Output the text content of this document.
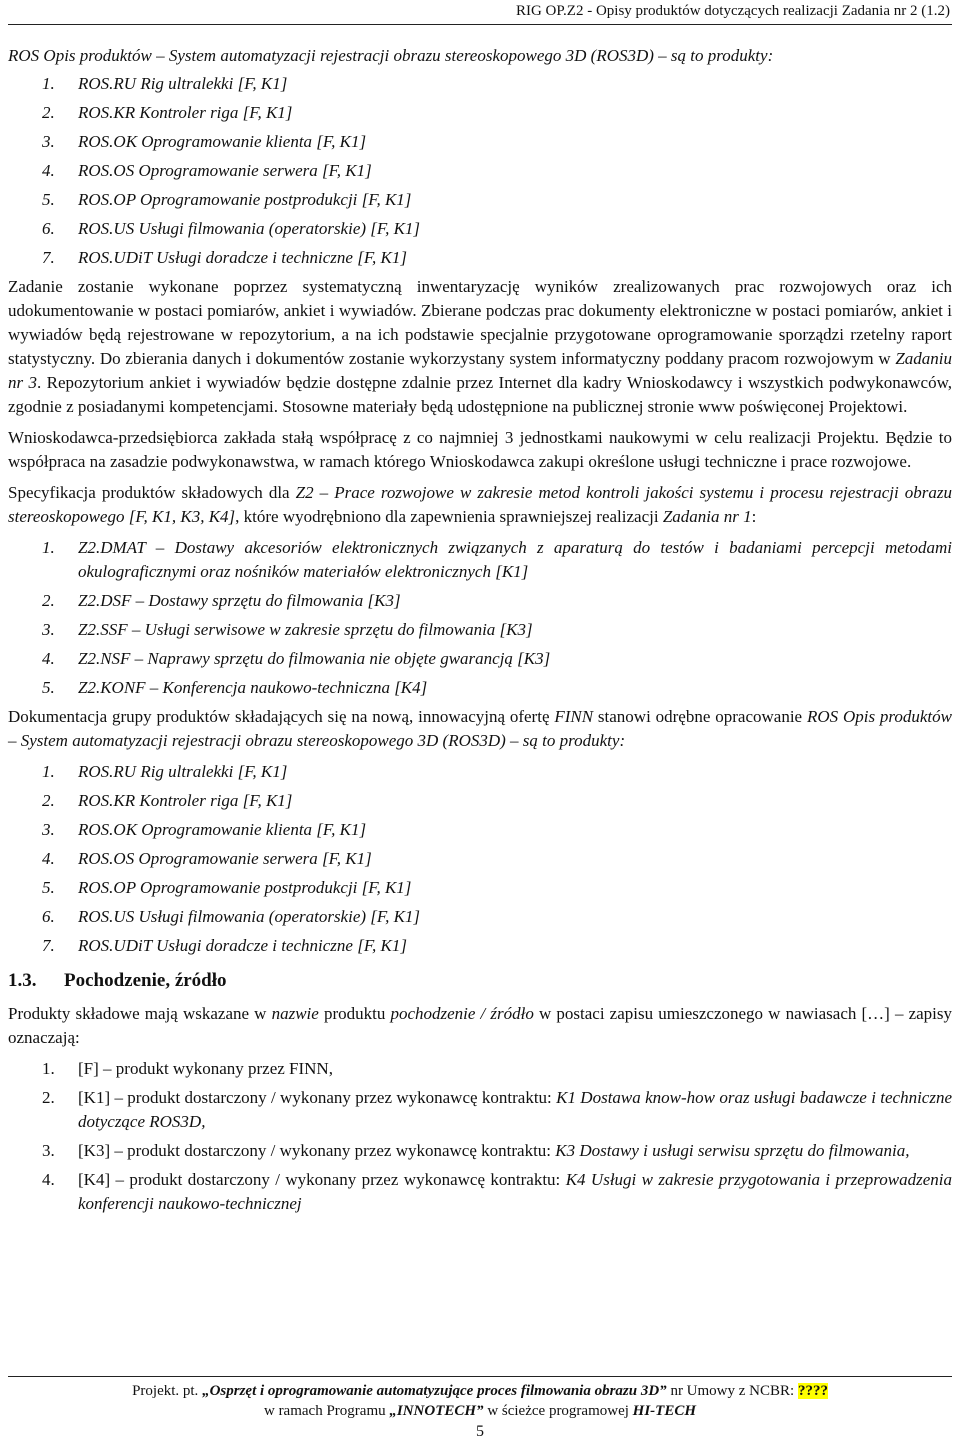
RIG OP.Z2 - Opisy produktów dotyczących realizacji Zadania nr 2 (1.2)

ROS Opis produktów – System automatyzacji rejestracji obrazu stereoskopowego 3D (ROS3D) – są to produkty:

1.	ROS.RU Rig ultralekki [F, K1]
2.	ROS.KR Kontroler riga [F, K1]
3.	ROS.OK Oprogramowanie klienta [F, K1]
4.	ROS.OS Oprogramowanie serwera [F, K1]
5.	ROS.OP Oprogramowanie postprodukcji [F, K1]
6.	ROS.US Usługi filmowania (operatorskie) [F, K1]
7.	ROS.UDiT Usługi doradcze i techniczne [F, K1]

Zadanie zostanie wykonane poprzez systematyczną inwentaryzację wyników zrealizowanych prac rozwojowych oraz ich udokumentowanie w postaci pomiarów, ankiet i wywiadów. Zbierane podczas prac dokumenty elektroniczne w postaci pomiarów, ankiet i wywiadów będą rejestrowane w repozytorium, a na ich podstawie specjalnie przygotowane oprogramowanie sporządzi rzetelny raport statystyczny. Do zbierania danych i dokumentów zostanie wykorzystany system informatyczny poddany pracom rozwojowym w Zadaniu nr 3. Repozytorium ankiet i wywiadów będzie dostępne zdalnie przez Internet dla kadry Wnioskodawcy i wszystkich podwykonawców, zgodnie z posiadanymi kompetencjami. Stosowne materiały będą udostępnione na publicznej stronie www poświęconej Projektowi.

Wnioskodawca-przedsiębiorca zakłada stałą współpracę z co najmniej 3 jednostkami naukowymi w celu realizacji Projektu. Będzie to współpraca na zasadzie podwykonawstwa, w ramach którego Wnioskodawca zakupi określone usługi techniczne i prace rozwojowe.

Specyfikacja produktów składowych dla Z2 – Prace rozwojowe w zakresie metod kontroli jakości systemu i procesu rejestracji obrazu stereoskopowego [F, K1, K3, K4], które wyodrębniono dla zapewnienia sprawniejszej realizacji Zadania nr 1:

1.	Z2.DMAT – Dostawy akcesoriów elektronicznych związanych z aparaturą do testów i badaniami percepcji metodami okulograficznymi oraz nośników materiałów elektronicznych [K1]
2.	Z2.DSF – Dostawy sprzętu do filmowania [K3]
3.	Z2.SSF – Usługi serwisowe w zakresie sprzętu do filmowania [K3]
4.	Z2.NSF – Naprawy sprzętu do filmowania nie objęte gwarancją [K3]
5.	Z2.KONF – Konferencja naukowo-techniczna [K4]

Dokumentacja grupy produktów składających się na nową, innowacyjną ofertę FINN stanowi odrębne opracowanie ROS Opis produktów – System automatyzacji rejestracji obrazu stereoskopowego 3D (ROS3D) – są to produkty:

1.	ROS.RU Rig ultralekki [F, K1]
2.	ROS.KR Kontroler riga [F, K1]
3.	ROS.OK Oprogramowanie klienta [F, K1]
4.	ROS.OS Oprogramowanie serwera [F, K1]
5.	ROS.OP Oprogramowanie postprodukcji [F, K1]
6.	ROS.US Usługi filmowania (operatorskie) [F, K1]
7.	ROS.UDiT Usługi doradcze i techniczne [F, K1]
1.3. Pochodzenie, źródło

Produkty składowe mają wskazane w nazwie produktu pochodzenie / źródło w postaci zapisu umieszczonego w nawiasach […] – zapisy oznaczają:

1.	[F] – produkt wykonany przez FINN,
2.	[K1] – produkt dostarczony / wykonany przez wykonawcę kontraktu: K1 Dostawa know-how oraz usługi badawcze i techniczne dotyczące ROS3D,
3.	[K3] – produkt dostarczony / wykonany przez wykonawcę kontraktu: K3 Dostawy i usługi serwisu sprzętu do filmowania,
4.	[K4] – produkt dostarczony / wykonany przez wykonawcę kontraktu: K4 Usługi w zakresie przygotowania i przeprowadzenia konferencji naukowo-technicznej
Projekt. pt. „Osprzęt i oprogramowanie automatyzujące proces filmowania obrazu 3D” nr Umowy z NCBR: ????
w ramach Programu „INNOTECH” w ścieżce programowej HI-TECH
5
